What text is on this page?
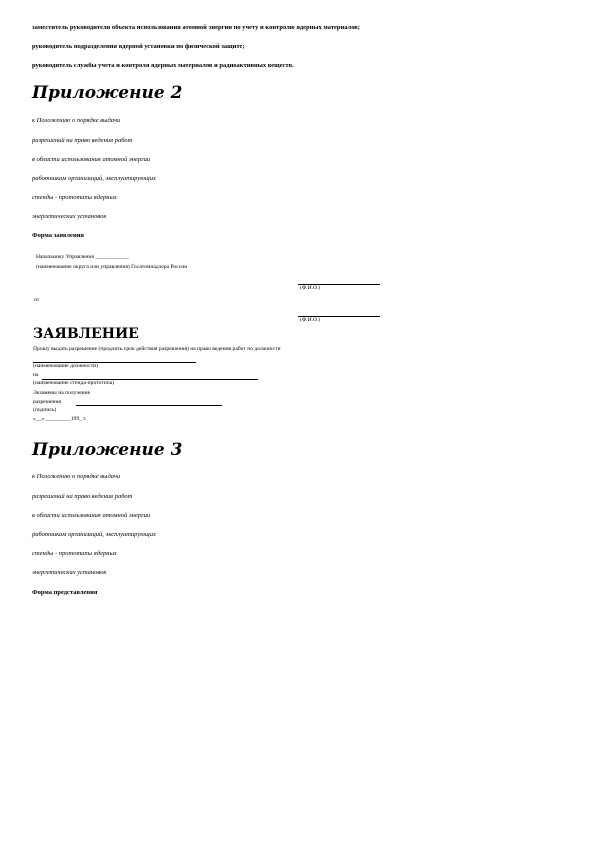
заместитель руководителя объекта использования атомной энергии по учету и контролю ядерных материалов;
руководитель подразделения ядерной установки по физической защите;
руководитель службы учета и контроля ядерных материалов и радиоактивных веществ.
Приложение 2
к Положению о порядке выдачи
разрешений на право ведения работ
в области использования атомной энергии
работникам организаций, эксплуатирующих
стенды - прототипы ядерных
энергетических установок
Форма заявления
Начальнику Управления ____________
(наименование округа или управления) Госатомнадзора России
(Ф.И.О.)
от
(Ф.И.О.)
ЗАЯВЛЕНИЕ
Прошу выдать разрешение (продлить срок действия разрешения) на право ведения работ по должности
(наименование должности)
на
(наименование стенда-прототипа)
Экзамены на получение
разрешения
(подпись)
«__» _________199_ г.
Приложение 3
к Положению о порядке выдачи
разрешений на право ведения работ
в области использования атомной энергии
работникам организаций, эксплуатирующих
стенды - прототипы ядерных
энергетических установок
Форма представления
